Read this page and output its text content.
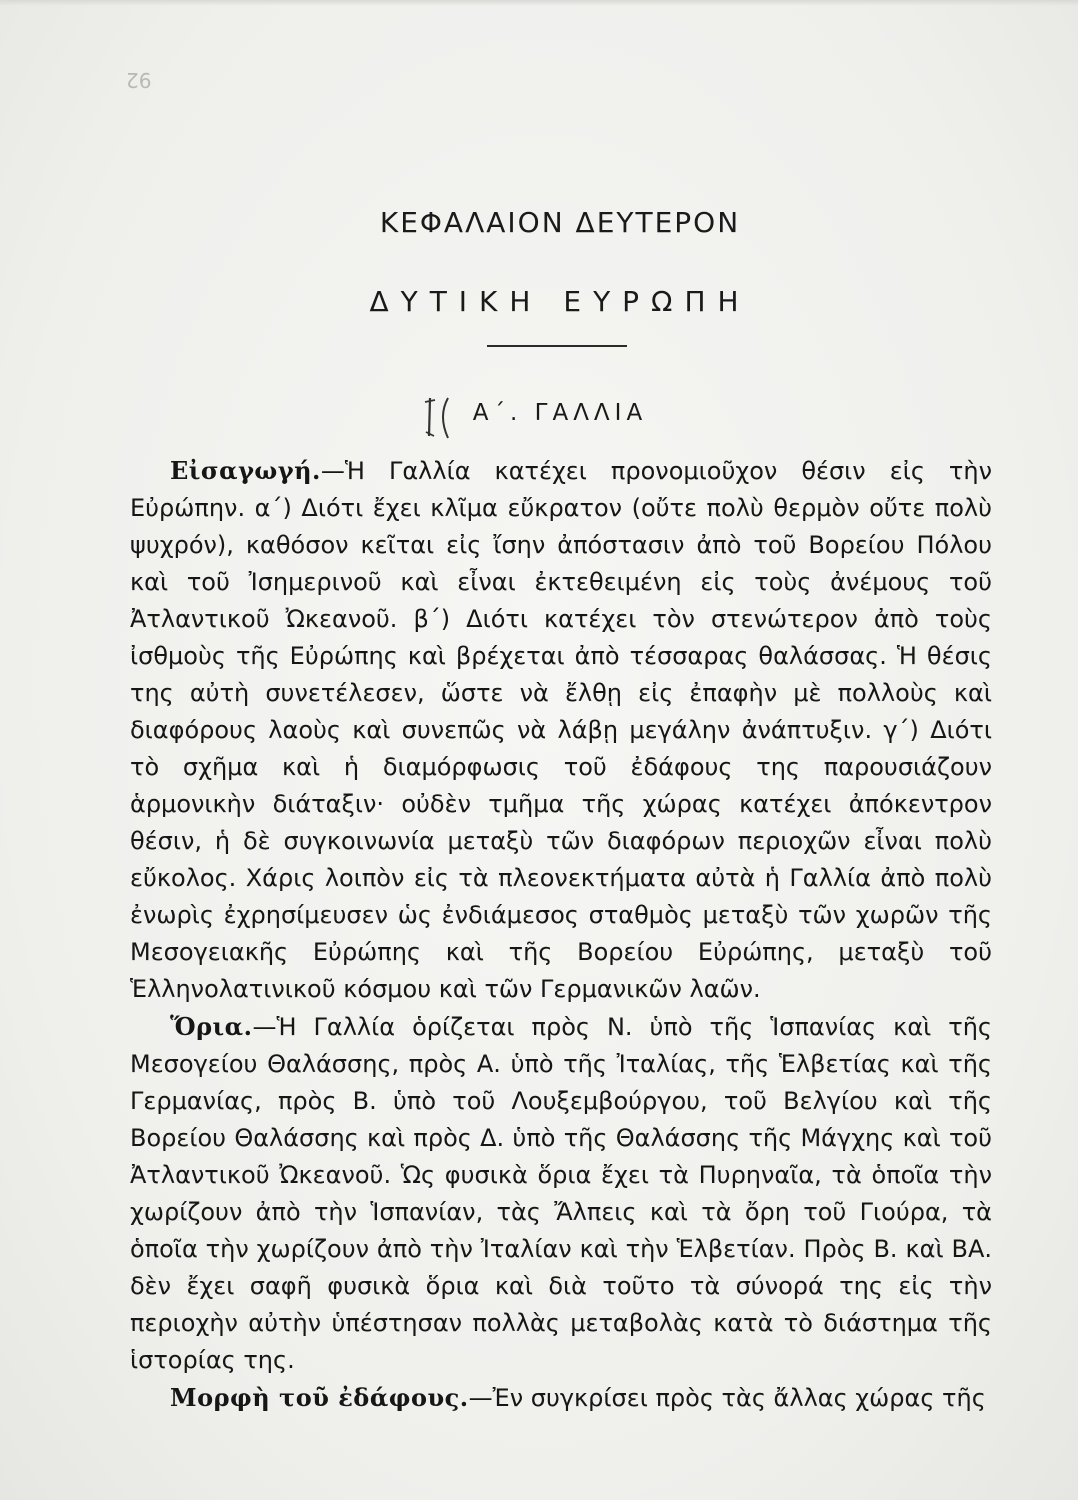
92
ΚΕΦΑΛΑΙΟΝ ΔΕΥΤΕΡΟΝ
ΔΥΤΙΚΗ ΕΥΡΩΠΗ
Α΄. ΓΑΛΛΙΑ

Εἰσαγωγή.—Ἡ Γαλλία κατέχει προνομιοῦχον θέσιν εἰς τὴν Εὐρώπην. α΄) Διότι ἔχει κλῖμα εὔκρατον (οὔτε πολὺ θερμὸν οὔτε πολὺ ψυχρόν), καθόσον κεῖται εἰς ἴσην ἀπόστασιν ἀπὸ τοῦ Βορείου Πόλου καὶ τοῦ Ἰσημερινοῦ καὶ εἶναι ἐκτεθειμένη εἰς τοὺς ἀνέμους τοῦ Ἀτλαντικοῦ Ὠκεανοῦ. β΄) Διότι κατέχει τὸν στενώτερον ἀπὸ τοὺς ἰσθμοὺς τῆς Εὐρώπης καὶ βρέχεται ἀπὸ τέσσαρας θαλάσσας. Ἡ θέσις της αὐτὴ συνετέλεσεν, ὥστε νὰ ἔλθῃ εἰς ἐπαφὴν μὲ πολλοὺς καὶ διαφόρους λαοὺς καὶ συνεπῶς νὰ λάβῃ μεγάλην ἀνάπτυξιν. γ΄) Διότι τὸ σχῆμα καὶ ἡ διαμόρφωσις τοῦ ἐδάφους της παρουσιάζουν ἁρμονικὴν διάταξιν· οὐδὲν τμῆμα τῆς χώρας κατέχει ἀπόκεντρον θέσιν, ἡ δὲ συγκοινωνία μεταξὺ τῶν διαφόρων περιοχῶν εἶναι πολὺ εὔκολος. Χάρις λοιπὸν εἰς τὰ πλεονεκτήματα αὐτὰ ἡ Γαλλία ἀπὸ πολὺ ἐνωρὶς ἐχρησίμευσεν ὡς ἐνδιάμεσος σταθμὸς μεταξὺ τῶν χωρῶν τῆς Μεσογειακῆς Εὐρώπης καὶ τῆς Βορείου Εὐρώπης, μεταξὺ τοῦ Ἑλληνολατινικοῦ κόσμου καὶ τῶν Γερμανικῶν λαῶν.

Ὅρια.—Ἡ Γαλλία ὁρίζεται πρὸς Ν. ὑπὸ τῆς Ἱσπανίας καὶ τῆς Μεσογείου Θαλάσσης, πρὸς Α. ὑπὸ τῆς Ἰταλίας, τῆς Ἑλβετίας καὶ τῆς Γερμανίας, πρὸς Β. ὑπὸ τοῦ Λουξεμβούργου, τοῦ Βελγίου καὶ τῆς Βορείου Θαλάσσης καὶ πρὸς Δ. ὑπὸ τῆς Θαλάσσης τῆς Μάγχης καὶ τοῦ Ἀτλαντικοῦ Ὠκεανοῦ. Ὡς φυσικὰ ὅρια ἔχει τὰ Πυρηναῖα, τὰ ὁποῖα τὴν χωρίζουν ἀπὸ τὴν Ἱσπανίαν, τὰς Ἄλπεις καὶ τὰ ὄρη τοῦ Γιούρα, τὰ ὁποῖα τὴν χωρίζουν ἀπὸ τὴν Ἰταλίαν καὶ τὴν Ἑλβετίαν. Πρὸς Β. καὶ ΒΑ. δὲν ἔχει σαφῆ φυσικὰ ὅρια καὶ διὰ τοῦτο τὰ σύνορά της εἰς τὴν περιοχὴν αὐτὴν ὑπέστησαν πολλὰς μεταβολὰς κατὰ τὸ διάστημα τῆς ἱστορίας της.

Μορφὴ τοῦ ἐδάφους.—Ἐν συγκρίσει πρὸς τὰς ἄλλας χώρας τῆς
